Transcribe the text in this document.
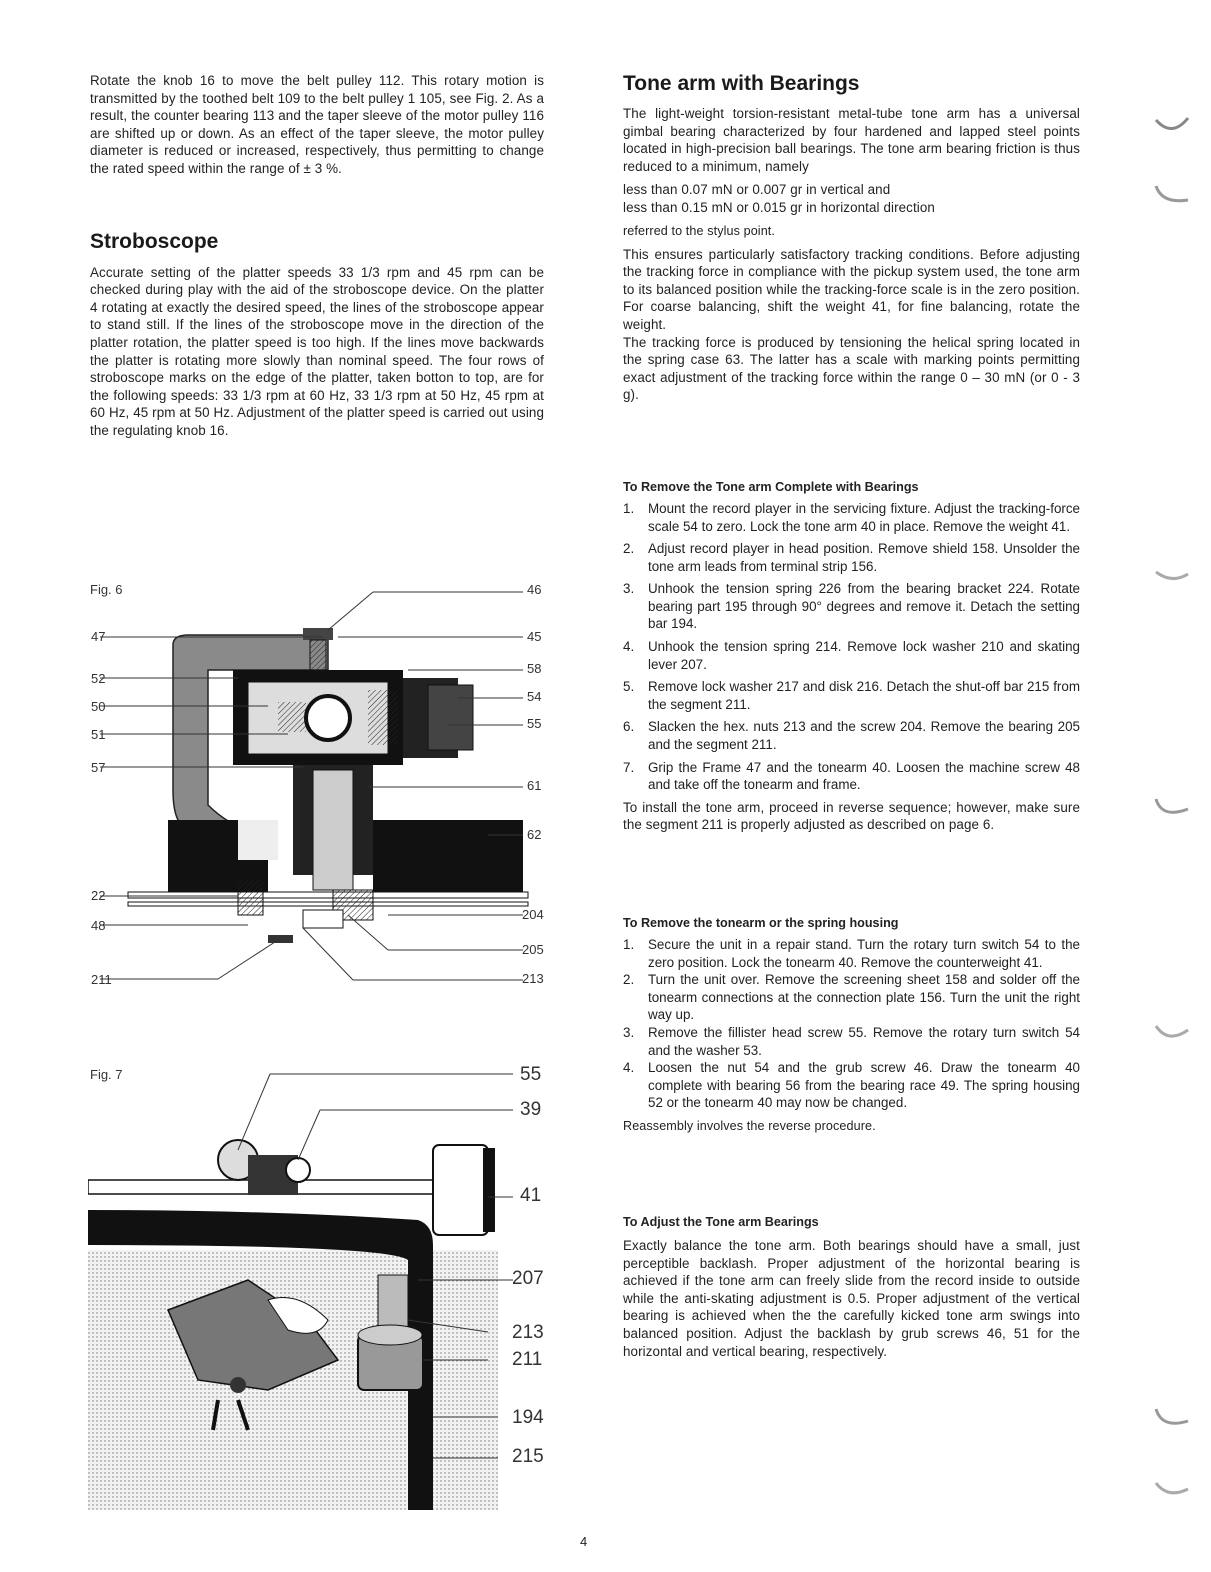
Rotate the knob 16 to move the belt pulley 112. This rotary motion is transmitted by the toothed belt 109 to the belt pulley 1 105, see Fig. 2. As a result, the counter bearing 113 and the taper sleeve of the motor pulley 116 are shifted up or down. As an effect of the taper sleeve, the motor pulley diameter is reduced or increased, respectively, thus permitting to change the rated speed within the range of ± 3 %.

Stroboscope

Accurate setting of the platter speeds 33 1/3 rpm and 45 rpm can be checked during play with the aid of the stroboscope device. On the platter 4 rotating at exactly the desired speed, the lines of the stroboscope appear to stand still. If the lines of the stroboscope move in the direction of the platter rotation, the platter speed is too high. If the lines move backwards the platter is rotating more slowly than nominal speed. The four rows of stroboscope marks on the edge of the platter, taken botton to top, are for the following speeds: 33 1/3 rpm at 60 Hz, 33 1/3 rpm at 50 Hz, 45 rpm at 60 Hz, 45 rpm at 50 Hz. Adjustment of the platter speed is carried out using the regulating knob 16.

Fig. 6
47
52
50
51
57
22
48
211
46
45
58
54
55
61
62
204
205
213
Fig. 7	55
39
41
207
213
211
194
215
Tone arm with Bearings

The light-weight torsion-resistant metal-tube tone arm has a universal gimbal bearing characterized by four hardened and lapped steel points located in high-precision ball bearings. The tone arm bearing friction is thus reduced to a minimum, namely

less than 0.07 mN or 0.007 gr in vertical and

less than 0.15 mN or 0.015 gr in horizontal direction

referred to the stylus point.

This ensures particularly satisfactory tracking conditions. Before adjusting the tracking force in compliance with the pickup system used, the tone arm to its balanced position while the tracking-force scale is in the zero position. For coarse balancing, shift the weight 41, for fine balancing, rotate the weight.

The tracking force is produced by tensioning the helical spring located in the spring case 63. The latter has a scale with marking points permitting exact adjustment of the tracking force within the range 0 – 30 mN (or 0 - 3 g).

To Remove the Tone arm Complete with Bearings
1. Mount the record player in the servicing fixture. Adjust the tracking-force scale 54 to zero. Lock the tone arm 40 in place. Remove the weight 41.
2. Adjust record player in head position. Remove shield 158. Unsolder the tone arm leads from terminal strip 156.
3. Unhook the tension spring 226 from the bearing bracket 224. Rotate bearing part 195 through 90° degrees and remove it. Detach the setting bar 194.
4. Unhook the tension spring 214. Remove lock washer 210 and skating lever 207.
5. Remove lock washer 217 and disk 216. Detach the shut-off bar 215 from the segment 211.
6. Slacken the hex. nuts 213 and the screw 204. Remove the bearing 205 and the segment 211.
7. Grip the Frame 47 and the tonearm 40. Loosen the machine screw 48 and take off the tonearm and frame.

To install the tone arm, proceed in reverse sequence; however, make sure the segment 211 is properly adjusted as described on page 6.

To Remove the tonearm or the spring housing
1. Secure the unit in a repair stand. Turn the rotary turn switch 54 to the zero position. Lock the tonearm 40. Remove the counterweight 41.
2. Turn the unit over. Remove the screening sheet 158 and solder off the tonearm connections at the connection plate 156. Turn the unit the right way up.
3. Remove the fillister head screw 55. Remove the rotary turn switch 54 and the washer 53.
4. Loosen the nut 54 and the grub screw 46. Draw the tonearm 40 complete with bearing 56 from the bearing race 49. The spring housing 52 or the tonearm 40 may now be changed.

Reassembly involves the reverse procedure.

To Adjust the Tone arm Bearings

Exactly balance the tone arm. Both bearings should have a small, just perceptible backlash. Proper adjustment of the horizontal bearing is achieved if the tone arm can freely slide from the record inside to outside while the anti-skating adjustment is 0.5. Proper adjustment of the vertical bearing is achieved when the the carefully kicked tone arm swings into balanced position. Adjust the backlash by grub screws 46, 51 for the horizontal and vertical bearing, respectively.

4
